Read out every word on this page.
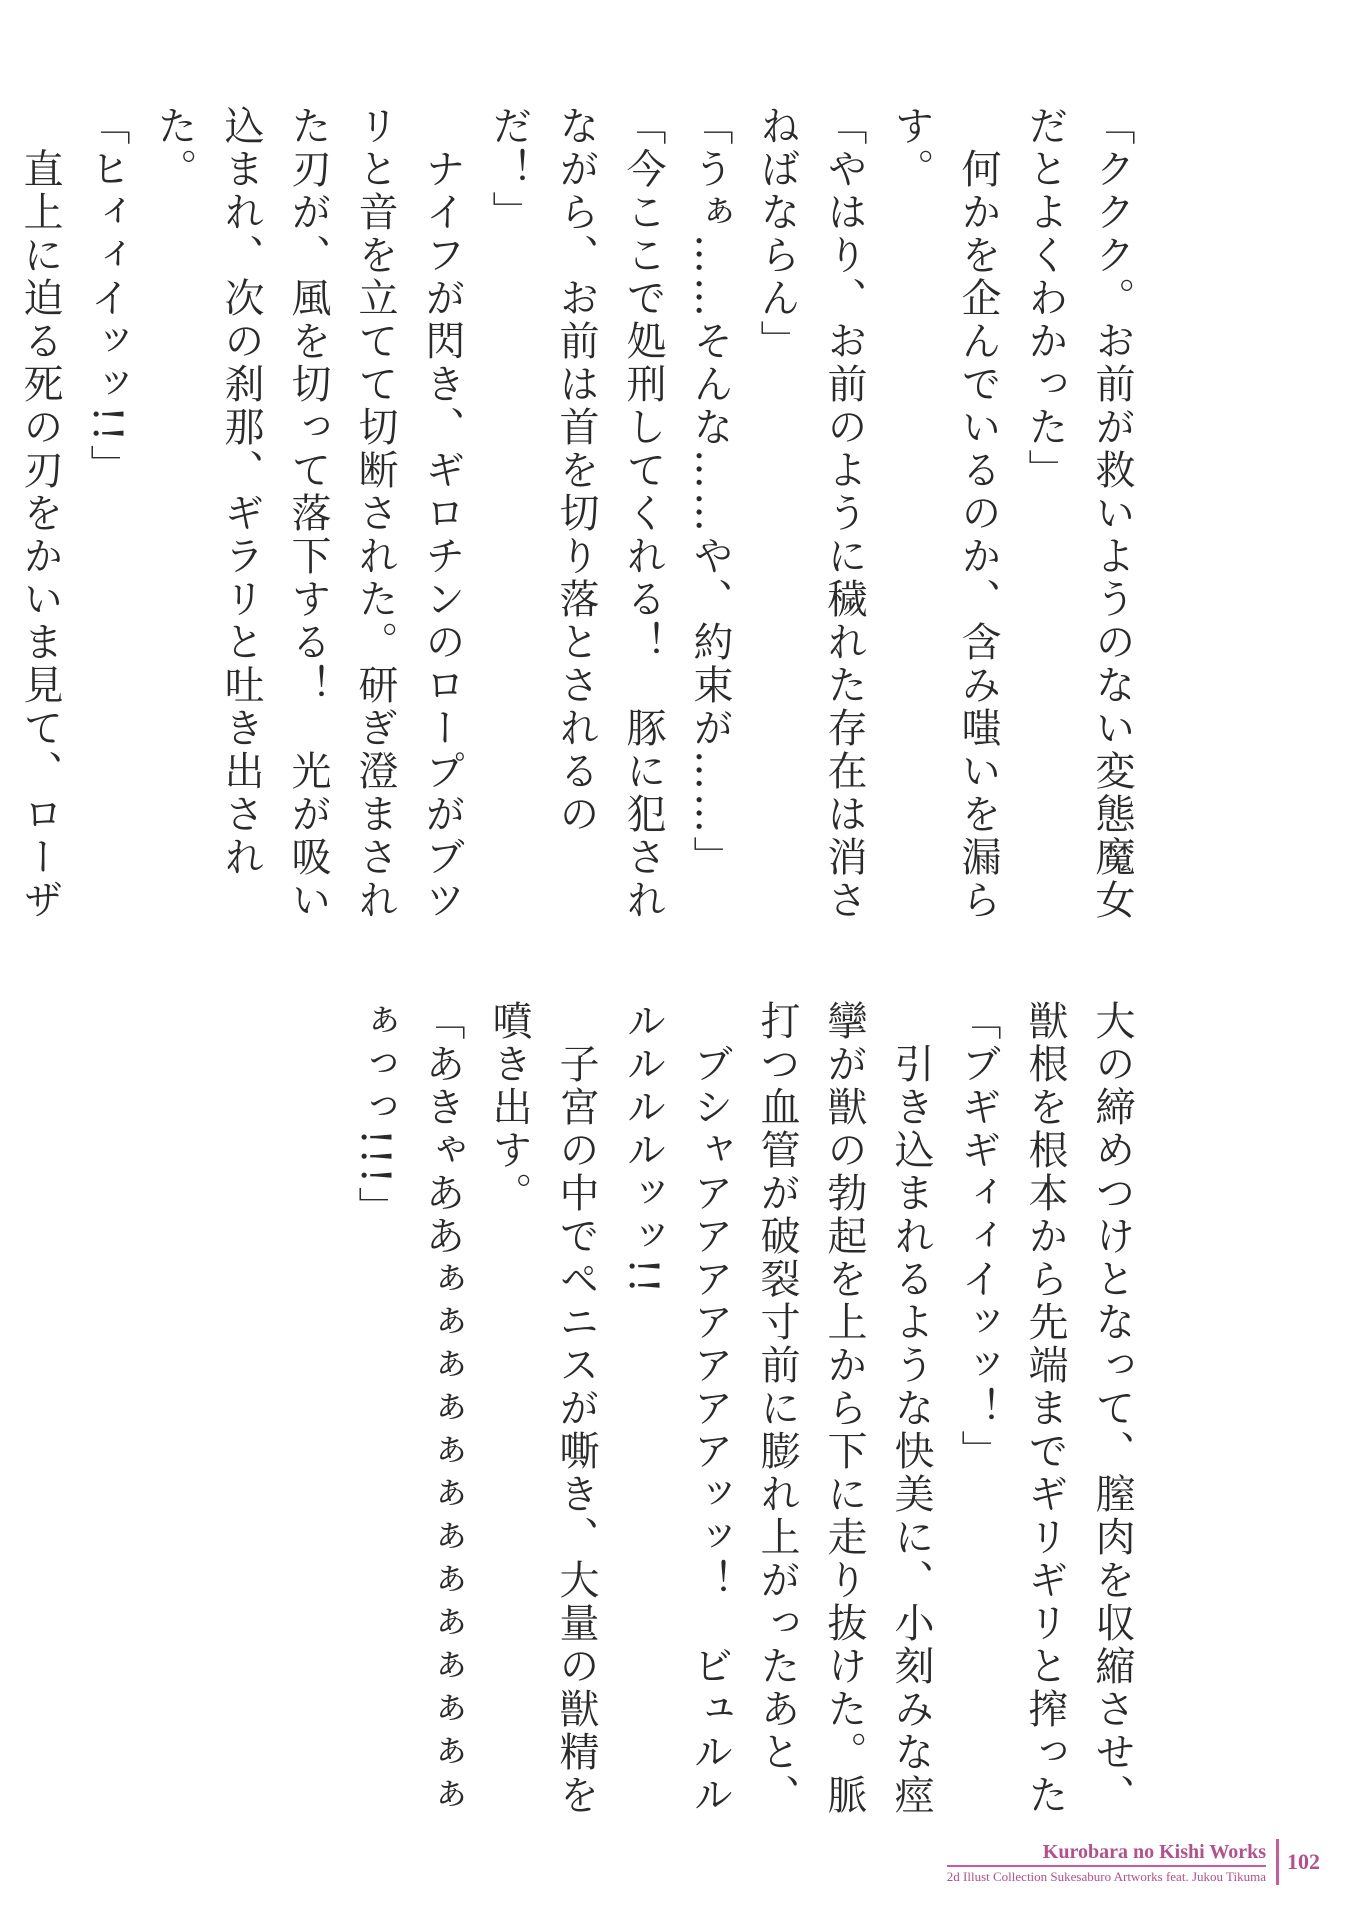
「ククク。お前が救いようのない変態魔女だとよくわかった」

　何かを企んでいるのか、含み嗤いを漏らす。

「やはり、お前のように穢れた存在は消さねばならん」

「うぁ……そんな……や、約束が……」

「今ここで処刑してくれる！　豚に犯されながら、お前は首を切り落とされるのだ！」

　ナイフが閃き、ギロチンのロープがブツリと音を立てて切断された。研ぎ澄まされた刃が、風を切って落下する！　光が吸い込まれ、次の刹那、ギラリと吐き出された。

「ヒィィイッッ!!」

　直上に迫る死の刃をかいま見て、ローザ

大の締めつけとなって、膣肉を収縮させ、獣根を根本から先端までギリギリと搾った

「ブギギィィイッッ！」

　引き込まれるような快美に、小刻みな痙攣が獣の勃起を上から下に走り抜けた。脈打つ血管が破裂寸前に膨れ上がったあと、

　ブシャアアアアアアアッッ！　ビュルルルルルルッッ!!

　子宮の中でペニスが嘶き、大量の獣精を噴き出す。

「あきゃああぁぁぁぁぁぁぁぁぁぁぁぁぁぁっっ!!!」

Kurobara no Kishi Works
2d Illust Collection Sukesaburo Artworks feat. Jukou Tikuma
102
